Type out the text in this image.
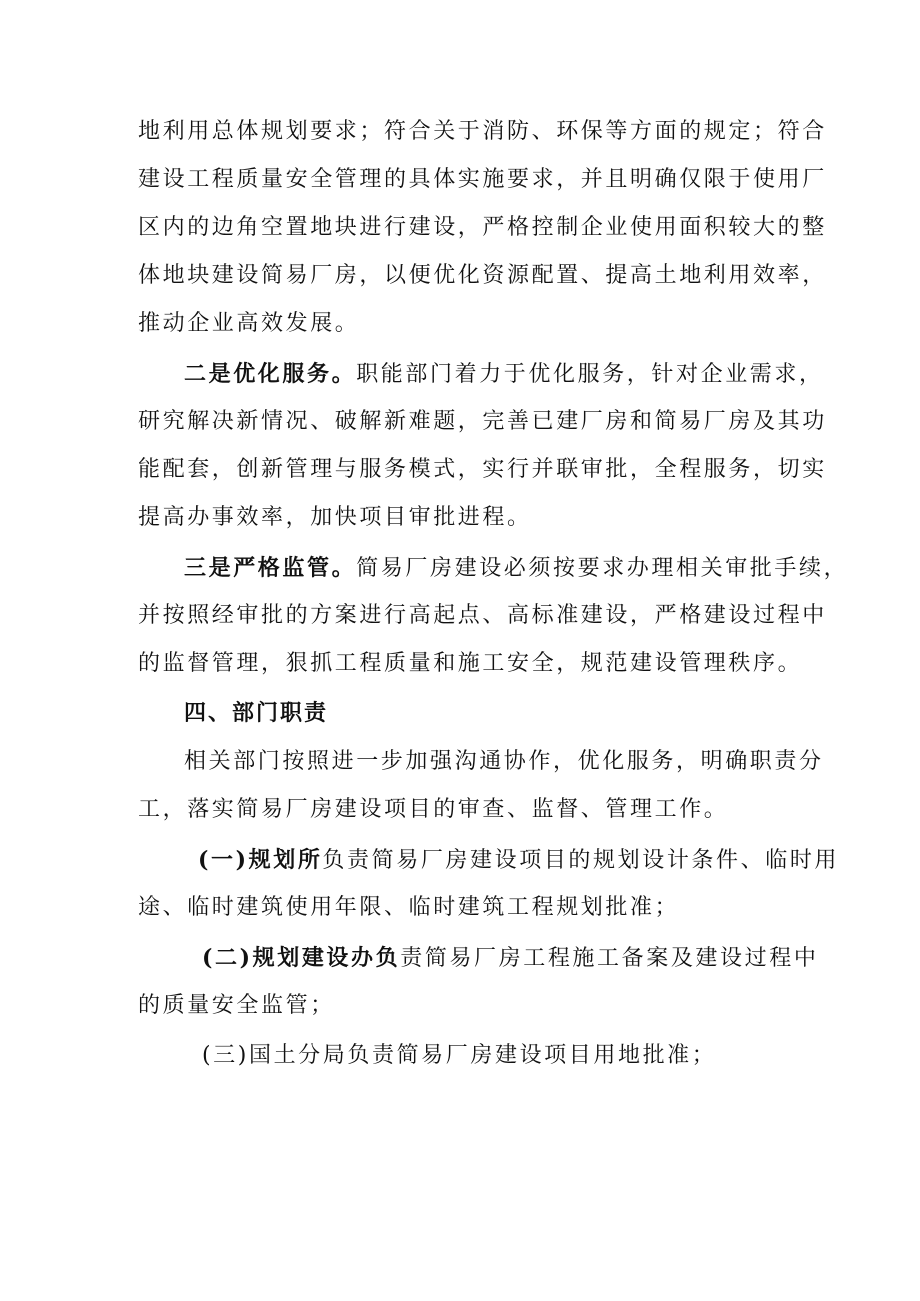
地利用总体规划要求；符合关于消防、环保等方面的规定；符合
建设工程质量安全管理的具体实施要求，并且明确仅限于使用厂
区内的边角空置地块进行建设，严格控制企业使用面积较大的整
体地块建设简易厂房，以便优化资源配置、提高土地利用效率，
推动企业高效发展。
二是优化服务。职能部门着力于优化服务，针对企业需求，
研究解决新情况、破解新难题，完善已建厂房和简易厂房及其功
能配套，创新管理与服务模式，实行并联审批，全程服务，切实
提高办事效率，加快项目审批进程。
三是严格监管。简易厂房建设必须按要求办理相关审批手续，
并按照经审批的方案进行高起点、高标准建设，严格建设过程中
的监督管理，狠抓工程质量和施工安全，规范建设管理秩序。
四、部门职责
相关部门按照进一步加强沟通协作，优化服务，明确职责分
工，落实简易厂房建设项目的审查、监督、管理工作。
(一)规划所负责简易厂房建设项目的规划设计条件、临时用
途、临时建筑使用年限、临时建筑工程规划批准；
(二)规划建设办负责简易厂房工程施工备案及建设过程中
的质量安全监管；
(三)国土分局负责简易厂房建设项目用地批准；
